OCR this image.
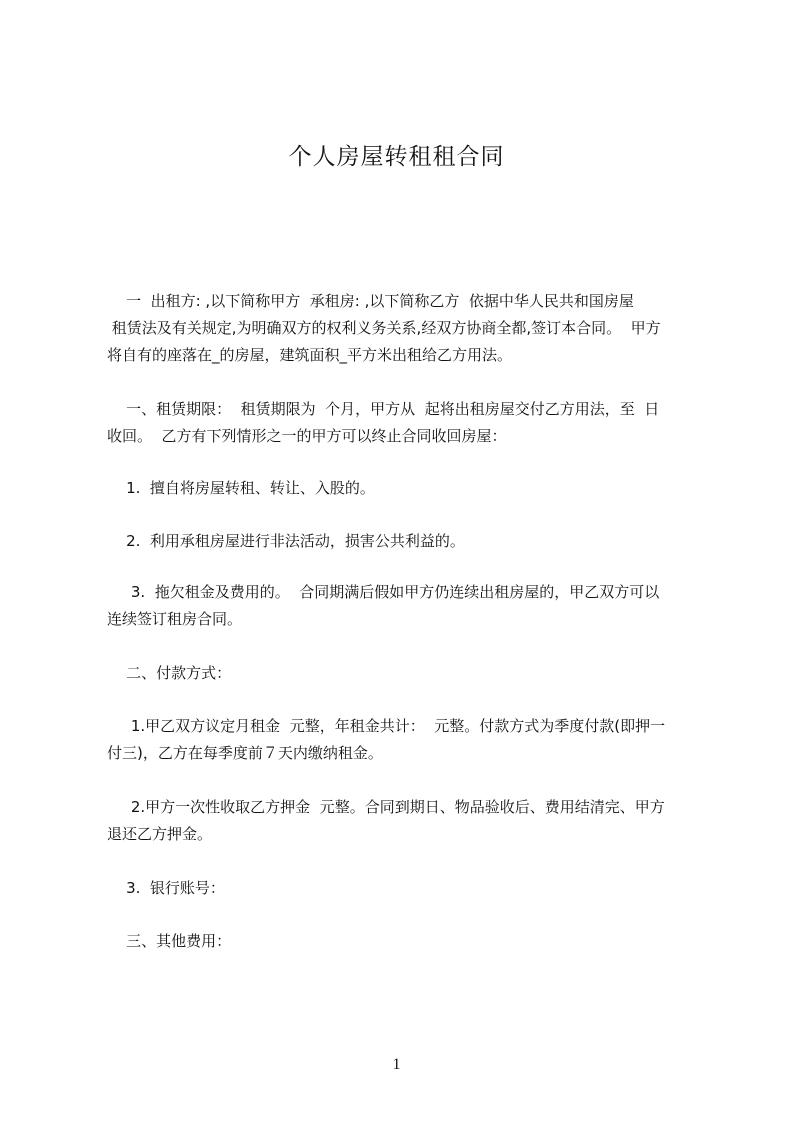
个人房屋转租租合同
一  出租方: ,以下简称甲方  承租房: ,以下简称乙方  依据中华人民共和国房屋
租赁法及有关规定,为明确双方的权利义务关系,经双方协商全都,签订本合同。  甲方
将自有的座落在_的房屋，建筑面积_平方米出租给乙方用法。
一、租赁期限：  租赁期限为  个月，甲方从  起将出租房屋交付乙方用法，至  日
收回。  乙方有下列情形之一的甲方可以终止合同收回房屋：
1.  擅自将房屋转租、转让、入股的。
2.  利用承租房屋进行非法活动，损害公共利益的。
3.  拖欠租金及费用的。  合同期满后假如甲方仍连续出租房屋的，甲乙双方可以
连续签订租房合同。
二、付款方式：
1.甲乙双方议定月租金  元整，年租金共计：  元整。付款方式为季度付款(即押一
付三)，乙方在每季度前７天内缴纳租金。
2.甲方一次性收取乙方押金  元整。合同到期日、物品验收后、费用结清完、甲方
退还乙方押金。
3.  银行账号：
三、其他费用：
1
